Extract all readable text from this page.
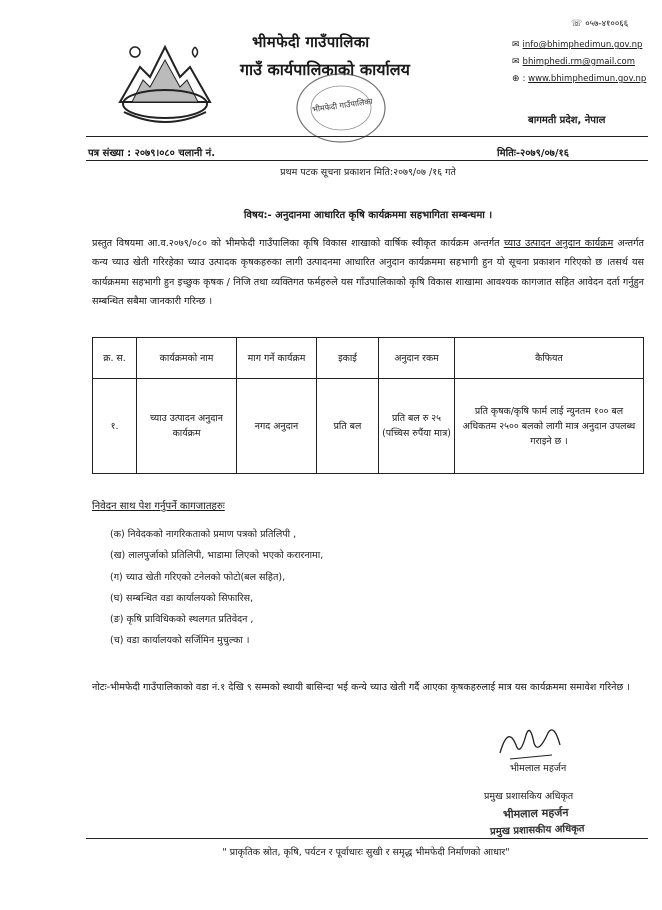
भीमफेदी गाउँपालिका
गाउँ कार्यपालिकाको कार्यालय
भीमफेदी गाउँपालिका
☏ ०५७-४१००६६
✉ info@bhimphedimun.gov.np
✉ bhimphedi.rm@gmail.com
⊕ : www.bhimphedimun.gov.np
बागमती प्रदेश, नेपाल
पत्र संख्या : २०७९।०८० चलानी नं.	मितिः-२०७९/०७/१६
प्रथम पटक सूचना प्रकाशन मिति:२०७९/०७ /१६ गते
विषय:- अनुदानमा आधारित कृषि कार्यक्रममा सहभागिता सम्बन्धमा ।
प्रस्तुत विषयमा आ.व.२०७९/०८० को भीमफेदी गाउँपालिका कृषि विकास शाखाको वार्षिक स्वीकृत कार्यक्रम अन्तर्गत च्याउ उत्पादन अनुदान कार्यक्रम अन्तर्गत कन्य च्याउ खेती गरिरहेका च्याउ उत्पादक कृषकहरुका लागी उत्पादनमा आधारित अनुदान कार्यक्रममा सहभागी हुन यो सूचना प्रकाशन गरिएको छ ।तसर्थ यस कार्यक्रममा सहभागी हुन इच्छुक कृषक / निजि तथा व्यक्तिगत फर्महरुले यस गाँउपालिकाको कृषि विकास शाखामा आवश्यक कागजात सहित आवेदन दर्ता गर्नुहुन सम्बन्धित सबैमा जानकारी गरिन्छ ।
क्र. स.	कार्यक्रमको नाम	माग गर्ने कार्यक्रम	इकाई	अनुदान रकम	कैफियत
१.	च्याउ उत्पादन अनुदान कार्यक्रम	नगद अनुदान	प्रति बल	प्रति बल रु २५ (पच्चिस रुपैंया मात्र)	प्रति कृषक/कृषि फार्म लाई न्युनतम १०० बल अधिकतम २५०० बलको लागी मात्र अनुदान उपलब्ध गराइने छ ।
निवेदन साथ पेश गर्नुपर्ने कागजातहरुः
(क) निवेदकको नागरिकताको प्रमाण पत्रको प्रतिलिपी ,
(ख) लालपुर्जाको प्रतिलिपी, भाडामा लिएको भएको करारनामा,
(ग) च्याउ खेती गरिएको टनेलको फोटो(बल सहित),
(घ) सम्बन्धित वडा कार्यालयको सिफारिस,
(ङ) कृषि प्राविधिकको स्थलगत प्रतिवेदन ,
(च) वडा कार्यालयको सर्जिमिन मुचुल्का ।
नोटः-भीमफेदी गाउँपालिकाको वडा नं.१ देखि ९ सम्मको स्थायी बासिन्दा भई कन्ये च्याउ खेती गर्दै आएका कृषकहरुलाई मात्र यस कार्यक्रममा समावेश गरिनेछ ।
भीमलाल महर्जन
प्रमुख प्रशासकिय अधिकृत
भीमलाल महर्जन
प्रमुख प्रशासकीय अधिकृत
" प्राकृतिक स्रोत, कृषि, पर्यटन र पूर्वाधारः सुखी र समृद्ध भीमफेदी निर्माणको आधार"
